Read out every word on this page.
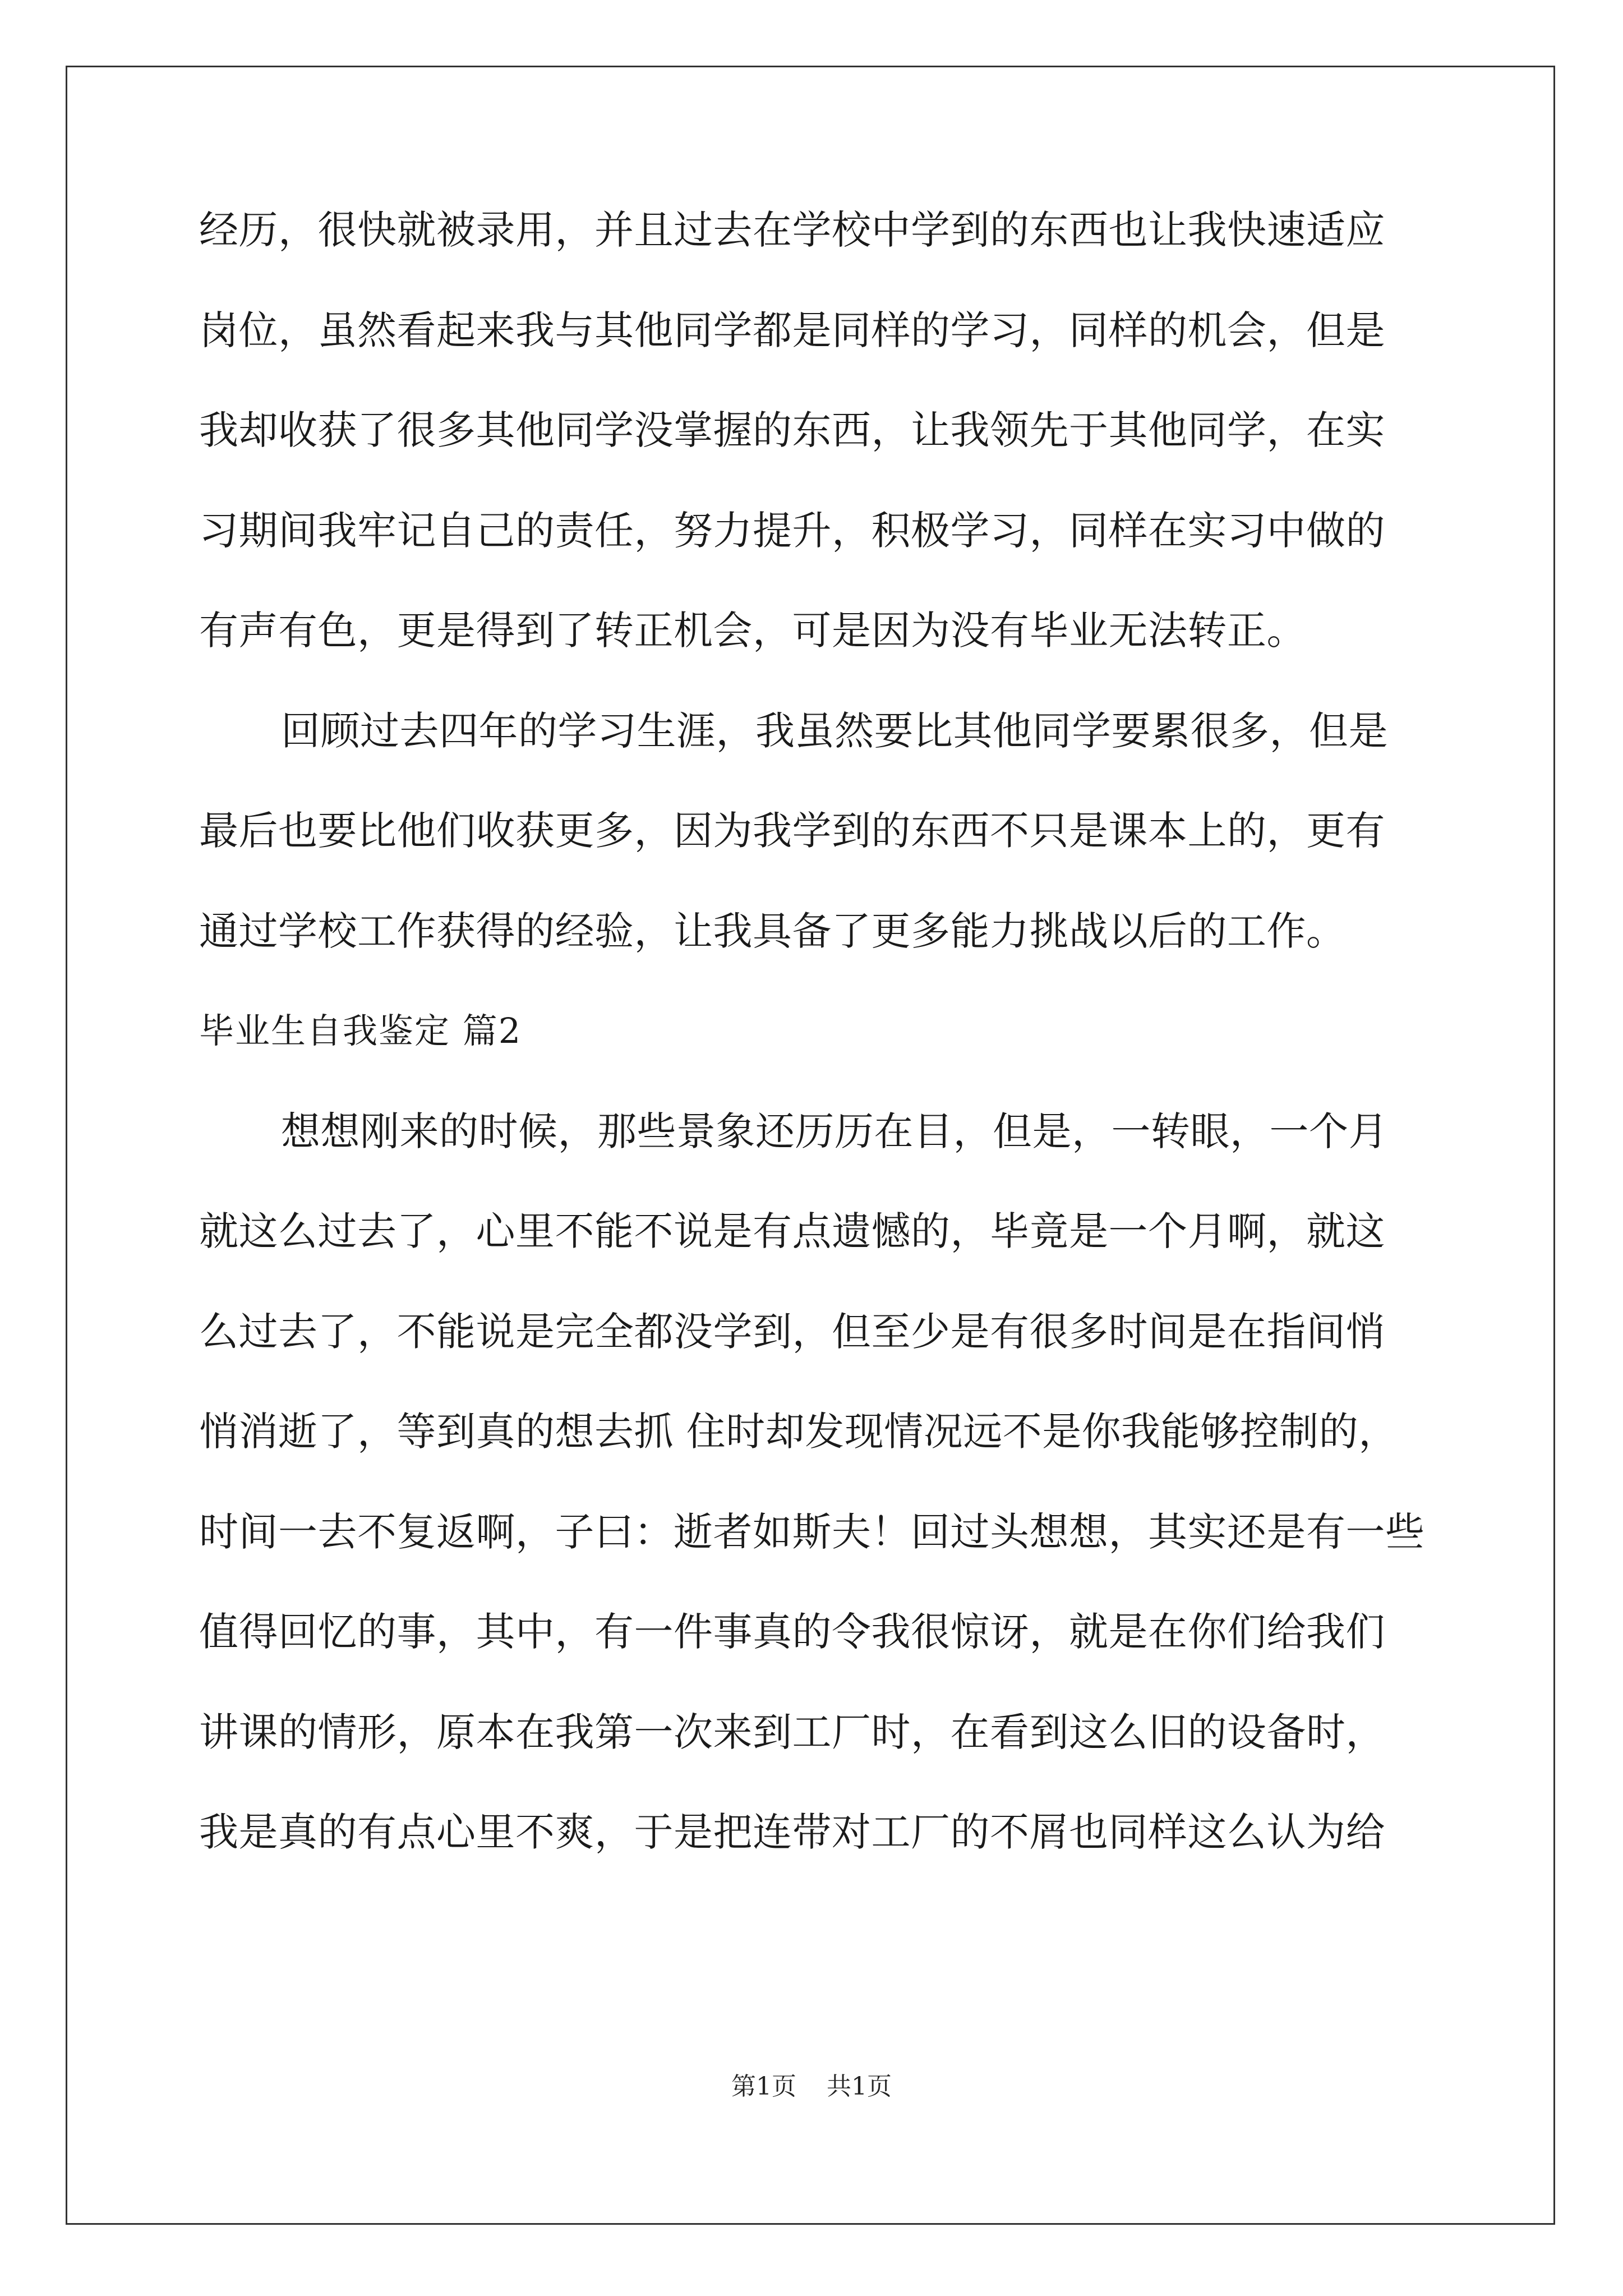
经历，很快就被录用，并且过去在学校中学到的东西也让我快速适应
岗位，虽然看起来我与其他同学都是同样的学习，同样的机会，但是
我却收获了很多其他同学没掌握的东西，让我领先于其他同学，在实
习期间我牢记自己的责任，努力提升，积极学习，同样在实习中做的
有声有色，更是得到了转正机会，可是因为没有毕业无法转正。
回顾过去四年的学习生涯，我虽然要比其他同学要累很多，但是
最后也要比他们收获更多，因为我学到的东西不只是课本上的，更有
通过学校工作获得的经验，让我具备了更多能力挑战以后的工作。
毕业生自我鉴定 篇2
想想刚来的时候，那些景象还历历在目，但是，一转眼，一个月
就这么过去了，心里不能不说是有点遗憾的，毕竟是一个月啊，就这
么过去了，不能说是完全都没学到，但至少是有很多时间是在指间悄
悄消逝了，等到真的想去抓 住时却发现情况远不是你我能够控制的，
时间一去不复返啊，子曰：逝者如斯夫！回过头想想，其实还是有一些
值得回忆的事，其中，有一件事真的令我很惊讶，就是在你们给我们
讲课的情形，原本在我第一次来到工厂时，在看到这么旧的设备时，
我是真的有点心里不爽，于是把连带对工厂的不屑也同样这么认为给
第1页 共1页
